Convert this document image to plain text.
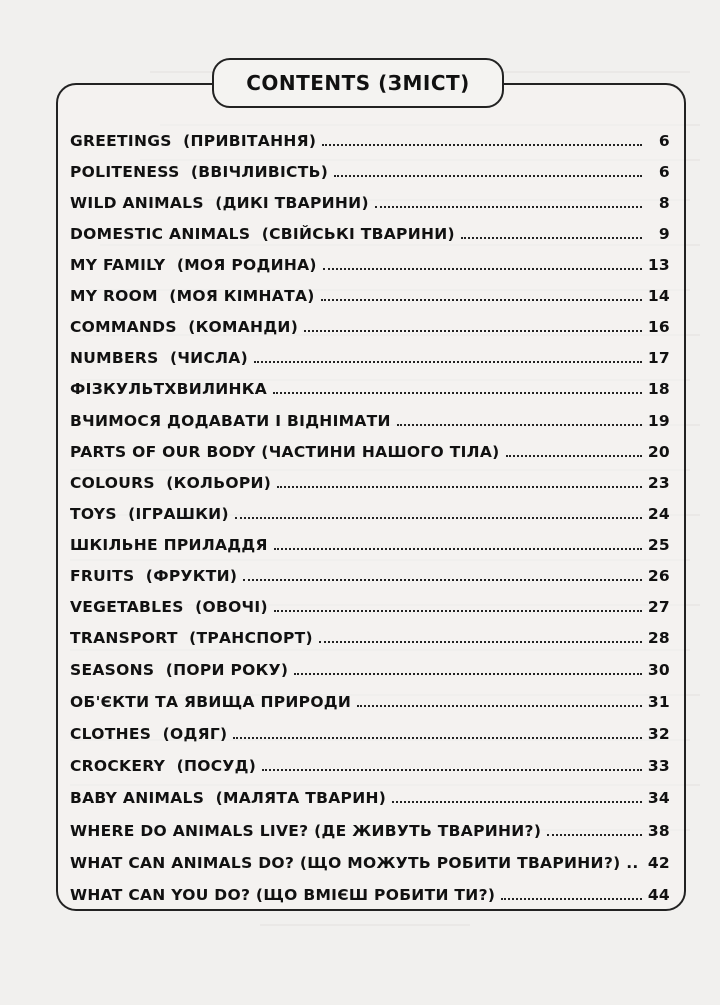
CONTENTS (ЗМІСТ)
GREETINGS  (ПРИВІТАННЯ)	6
POLITENESS  (ВВІЧЛИВІСТЬ)	6
WILD ANIMALS  (ДИКІ ТВАРИНИ)	8
DOMESTIC ANIMALS  (СВІЙСЬКІ ТВАРИНИ)	9
MY FAMILY  (МОЯ РОДИНА)	13
MY ROOM  (МОЯ КІМНАТА)	14
COMMANDS  (КОМАНДИ)	16
NUMBERS  (ЧИСЛА)	17
ФІЗКУЛЬТХВИЛИНКА	18
ВЧИМОСЯ ДОДАВАТИ І ВІДНІМАТИ	19
PARTS OF OUR BODY (ЧАСТИНИ НАШОГО ТІЛА)	20
COLOURS  (КОЛЬОРИ)	23
TOYS  (ІГРАШКИ)	24
ШКІЛЬНЕ ПРИЛАДДЯ	25
FRUITS  (ФРУКТИ)	26
VEGETABLES  (ОВОЧІ)	27
TRANSPORT  (ТРАНСПОРТ)	28
SEASONS  (ПОРИ РОКУ)	30
ОБ'ЄКТИ ТА ЯВИЩА ПРИРОДИ	31
CLOTHES  (ОДЯГ)	32
CROCKERY  (ПОСУД)	33
BABY ANIMALS  (МАЛЯТА ТВАРИН)	34
WHERE DO ANIMALS LIVE? (ДЕ ЖИВУТЬ ТВАРИНИ?)	38
WHAT CAN ANIMALS DO? (ЩО МОЖУТЬ РОБИТИ ТВАРИНИ?) .. 42
WHAT CAN YOU DO? (ЩО ВМІЄШ РОБИТИ ТИ?)	44
